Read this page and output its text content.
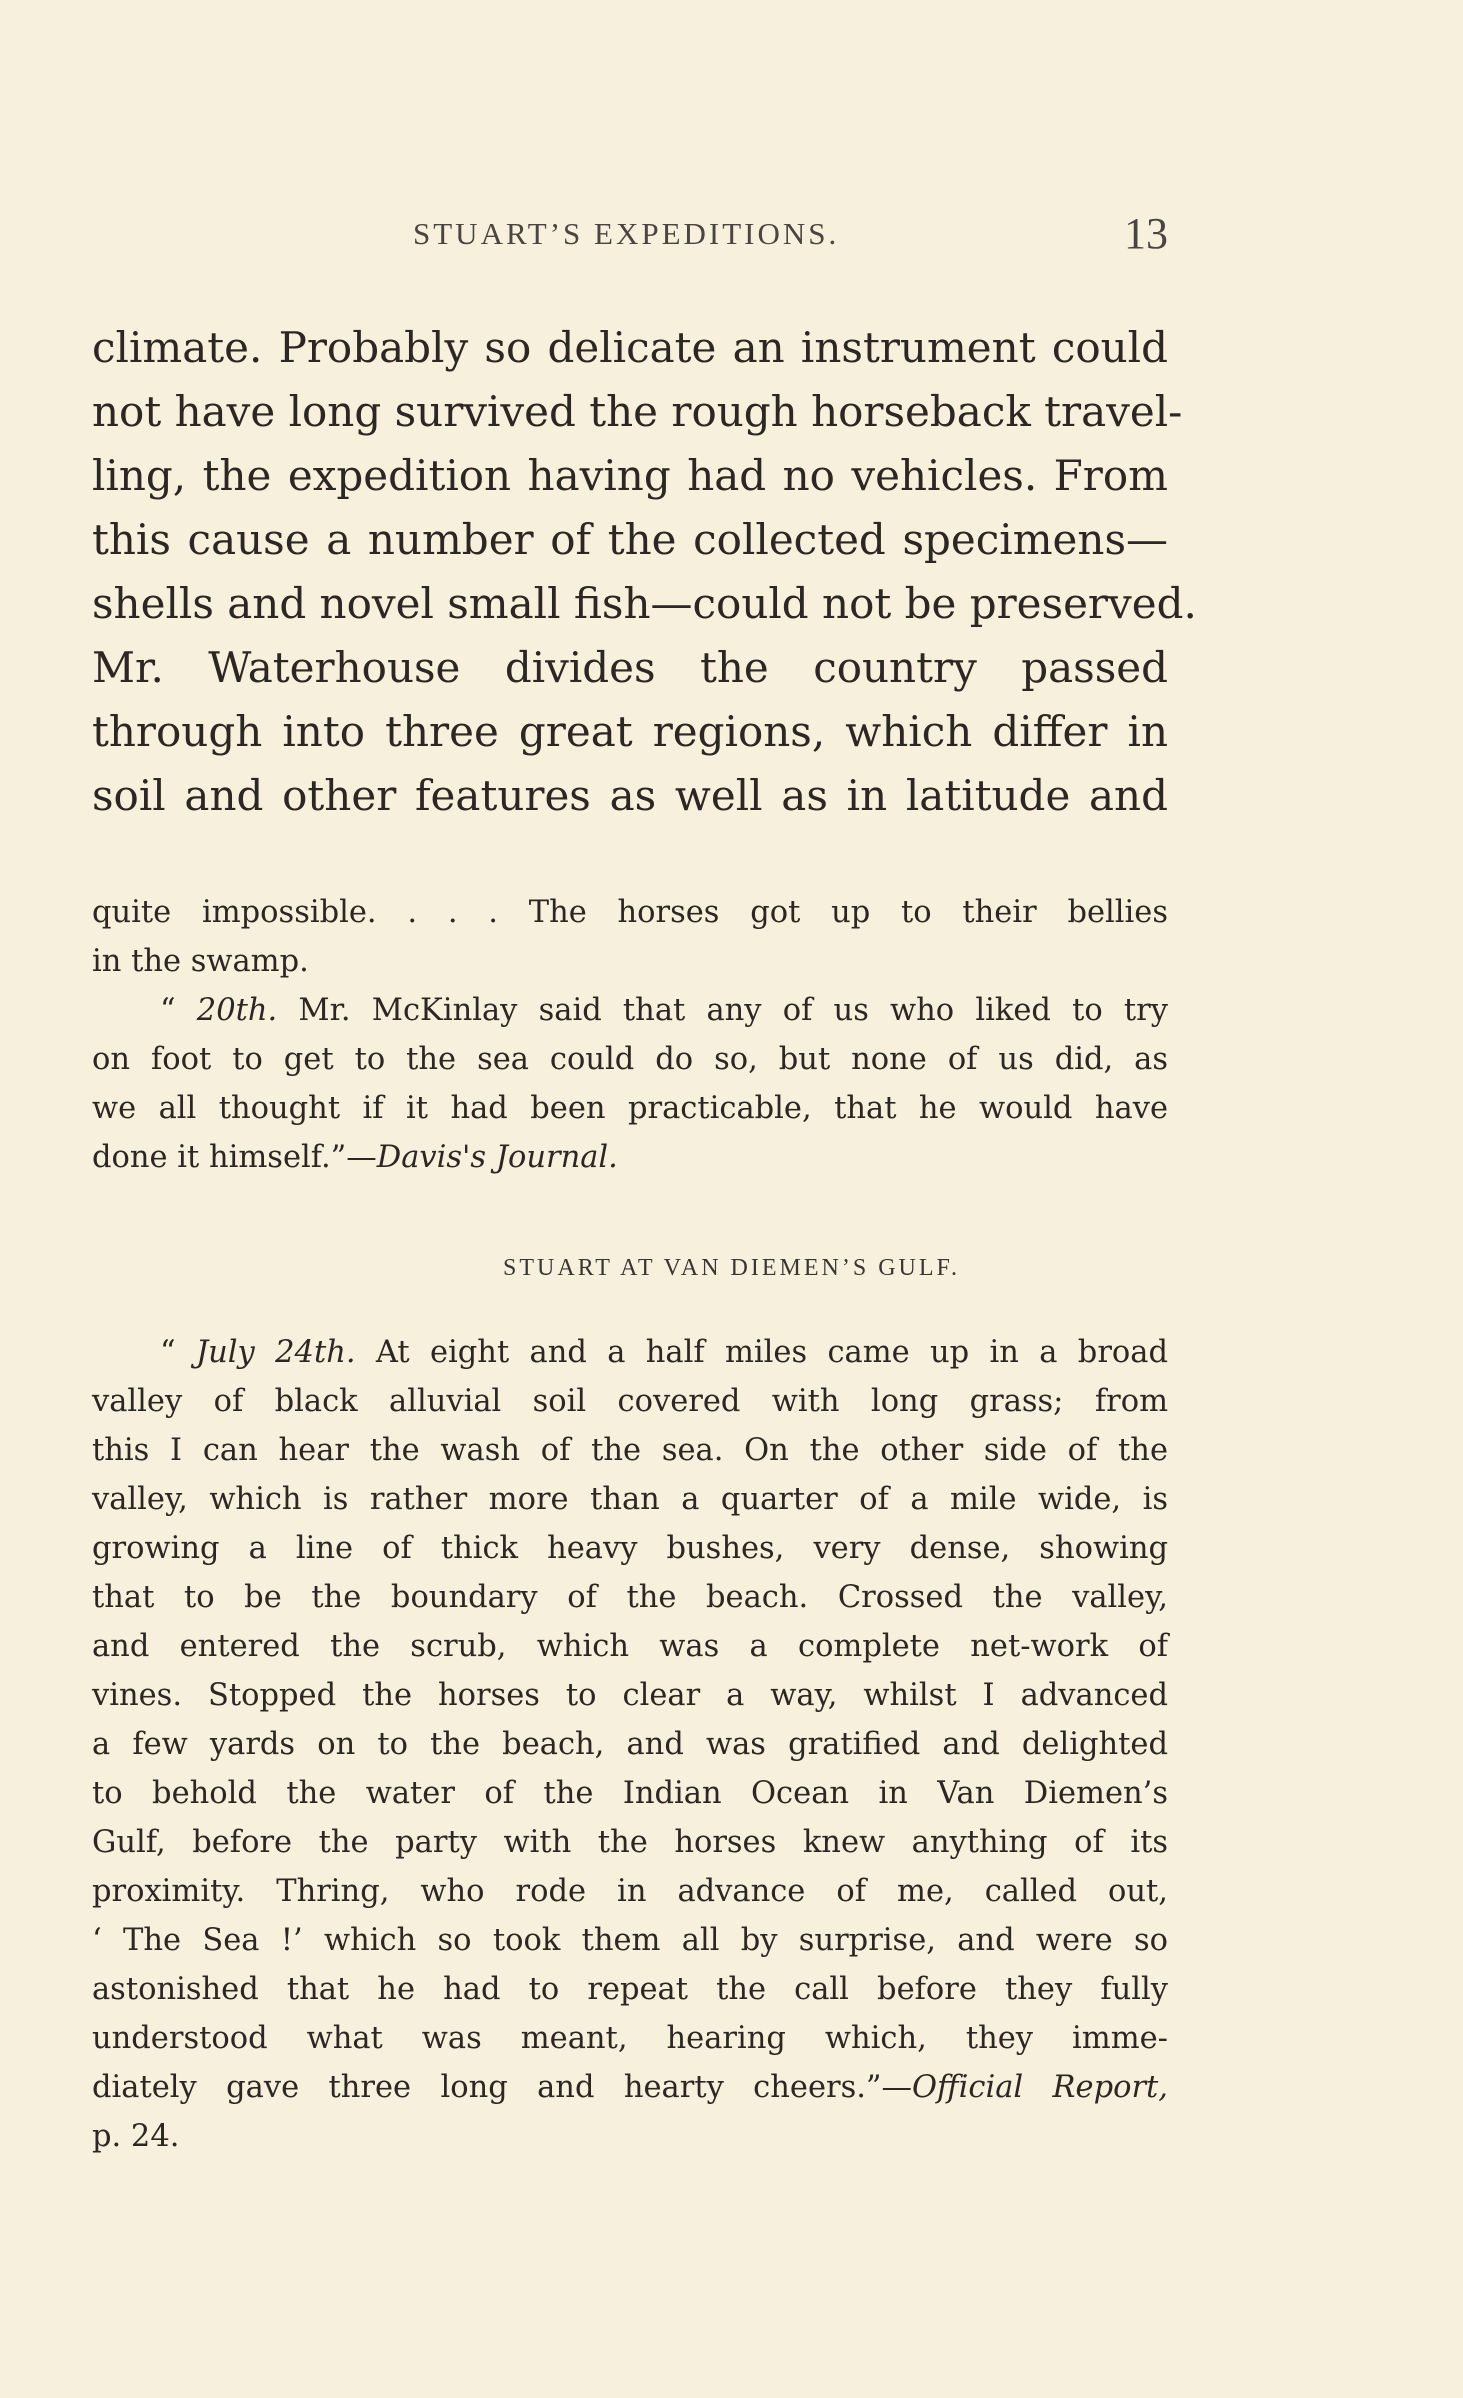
STUART’S EXPEDITIONS.	13
climate. Probably so delicate an instrument could
not have long survived the rough horseback travel-
ling, the expedition having had no vehicles. From
this cause a number of the collected specimens—
shells and novel small fish—could not be preserved.
Mr. Waterhouse divides the country passed
through into three great regions, which differ in
soil and other features as well as in latitude and
quite impossible. . . . The horses got up to their bellies
in the swamp.
“ 20th. Mr. McKinlay said that any of us who liked to try
on foot to get to the sea could do so, but none of us did, as
we all thought if it had been practicable, that he would have
done it himself.”—Davis's Journal.
STUART AT VAN DIEMEN’S GULF.
“ July 24th. At eight and a half miles came up in a broad
valley of black alluvial soil covered with long grass; from
this I can hear the wash of the sea. On the other side of the
valley, which is rather more than a quarter of a mile wide, is
growing a line of thick heavy bushes, very dense, showing
that to be the boundary of the beach. Crossed the valley,
and entered the scrub, which was a complete net-work of
vines. Stopped the horses to clear a way, whilst I advanced
a few yards on to the beach, and was gratified and delighted
to behold the water of the Indian Ocean in Van Diemen’s
Gulf, before the party with the horses knew anything of its
proximity. Thring, who rode in advance of me, called out,
‘ The Sea !’ which so took them all by surprise, and were so
astonished that he had to repeat the call before they fully
understood what was meant, hearing which, they imme-
diately gave three long and hearty cheers.”—Official Report,
p. 24.
